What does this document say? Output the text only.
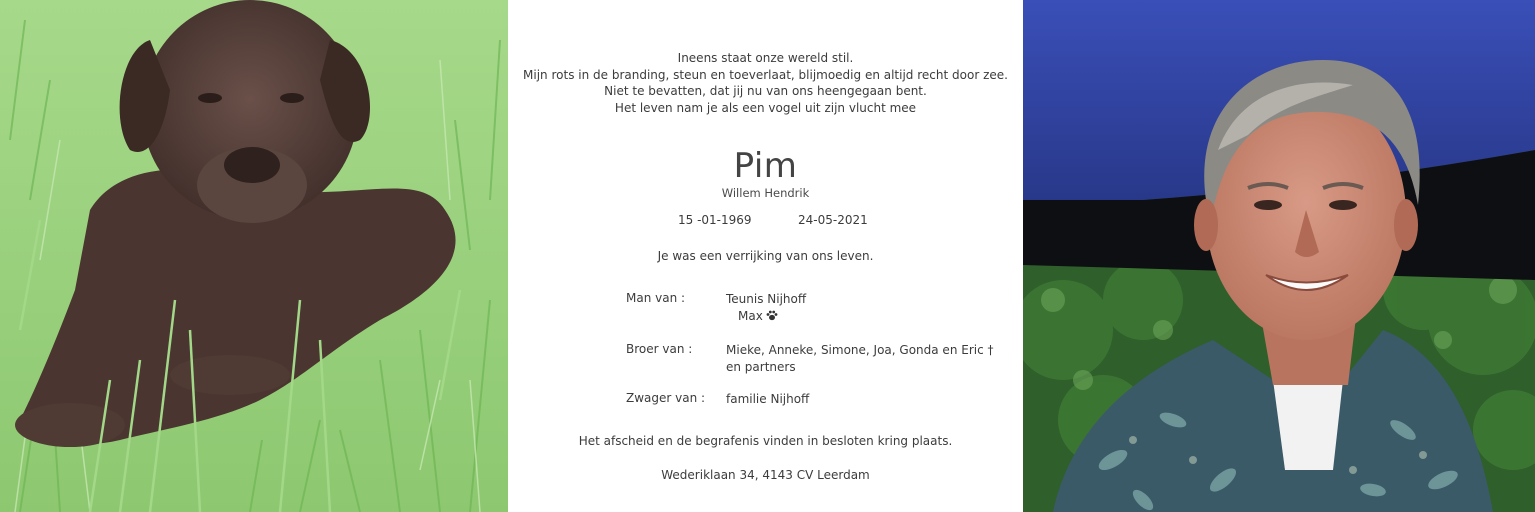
Ineens staat onze wereld stil.
Mijn rots in de branding, steun en toeverlaat, blijmoedig en altijd recht door zee.
Niet te bevatten, dat jij nu van ons heengegaan bent.
Het leven nam je als een vogel uit zijn vlucht mee
Pim
Willem Hendrik
15 -01-1969	24-05-2021
Je was een verrijking van ons leven.
Man van :	Teunis Nijhoff
Max
Broer van :	Mieke, Anneke, Simone, Joa, Gonda en Eric †
en partners
Zwager van : familie Nijhoff
Het afscheid en de begrafenis vinden in besloten kring plaats.
Wederiklaan 34, 4143 CV Leerdam
